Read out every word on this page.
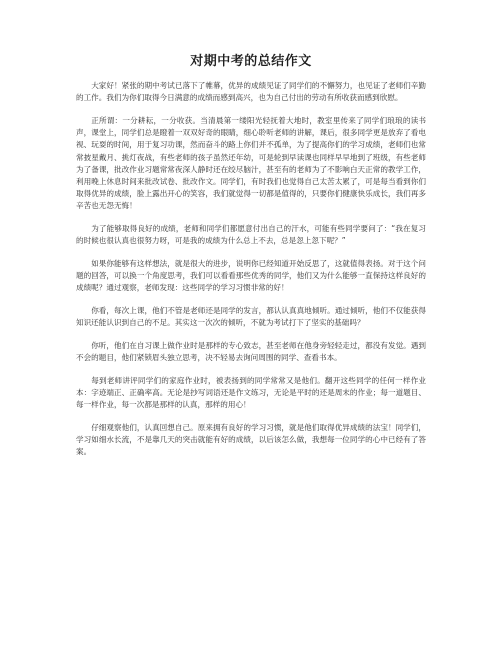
对期中考的总结作文

大家好！紧张的期中考试已落下了帷幕，优异的成绩见证了同学们的不懈努力，也见证了老师们辛勤的工作。我们为你们取得今日满意的成绩而感到高兴，也为自己付出的劳动有所收获而感到欣慰。

正所谓：一分耕耘，一分收获。当清晨第一缕阳光轻抚着大地时，教室里传来了同学们琅琅的读书声，课堂上，同学们总是瞪着一双双好奇的眼睛，细心聆听老师的讲解，课后，很多同学更是放弃了看电视、玩耍的时间，用于复习功课，然而奋斗的路上你们并不孤单，为了提高你们的学习成绩，老师们也常常披星戴月、挑灯夜战，有些老师的孩子虽然还年幼，可是轮到早读课也同样早早地到了班级，有些老师为了备课，批改作业习题常常夜深人静时还在绞尽脑汁，甚至有的老师为了不影响白天正常的教学工作，利用晚上休息时间来批改试卷、批改作文。同学们，有时我们也觉得自己太苦太累了，可是每当看到你们取得优异的成绩，脸上露出开心的笑容，我们就觉得一切都是值得的，只要你们健康快乐成长，我们再多辛苦也无怨无悔！

为了能够取得良好的成绩，老师和同学们都愿意付出自己的汗水，可能有些同学要问了：“我在复习的时候也很认真也很努力呀，可是我的成绩为什么总上不去，总是忽上忽下呢？”

如果你能够有这样想法，就是很大的进步，说明你已经知道开始反思了，这就值得表扬。对于这个问题的回答，可以换一个角度思考，我们可以看看那些优秀的同学，他们又为什么能够一直保持这样良好的成绩呢？通过观察，老师发现：这些同学的学习习惯非常的好！

你看，每次上课，他们不管是老师还是同学的发言，都认认真真地倾听。通过倾听，他们不仅能获得知识还能认识到自己的不足。其实这一次次的倾听，不就为考试打下了坚实的基础吗？

你听，他们在自习课上做作业时是那样的专心致志，甚至老师在他身旁轻轻走过，都没有发觉。遇到不会的题目，他们紧锁眉头独立思考，决不轻易去询问周围的同学、查看书本。

每到老师讲评同学们的家庭作业时，被表扬到的同学常常又是他们。翻开这些同学的任何一样作业本：字迹端正、正确率高。无论是抄写词语还是作文练习，无论是平时的还是周末的作业；每一道题目、每一样作业，每一次都是那样的认真，那样的用心！

仔细观察他们，认真回想自己。原来拥有良好的学习习惯，就是他们取得优异成绩的法宝！同学们，学习如细水长流，不是靠几天的突击就能有好的成绩，以后该怎么做，我想每一位同学的心中已经有了答案。
